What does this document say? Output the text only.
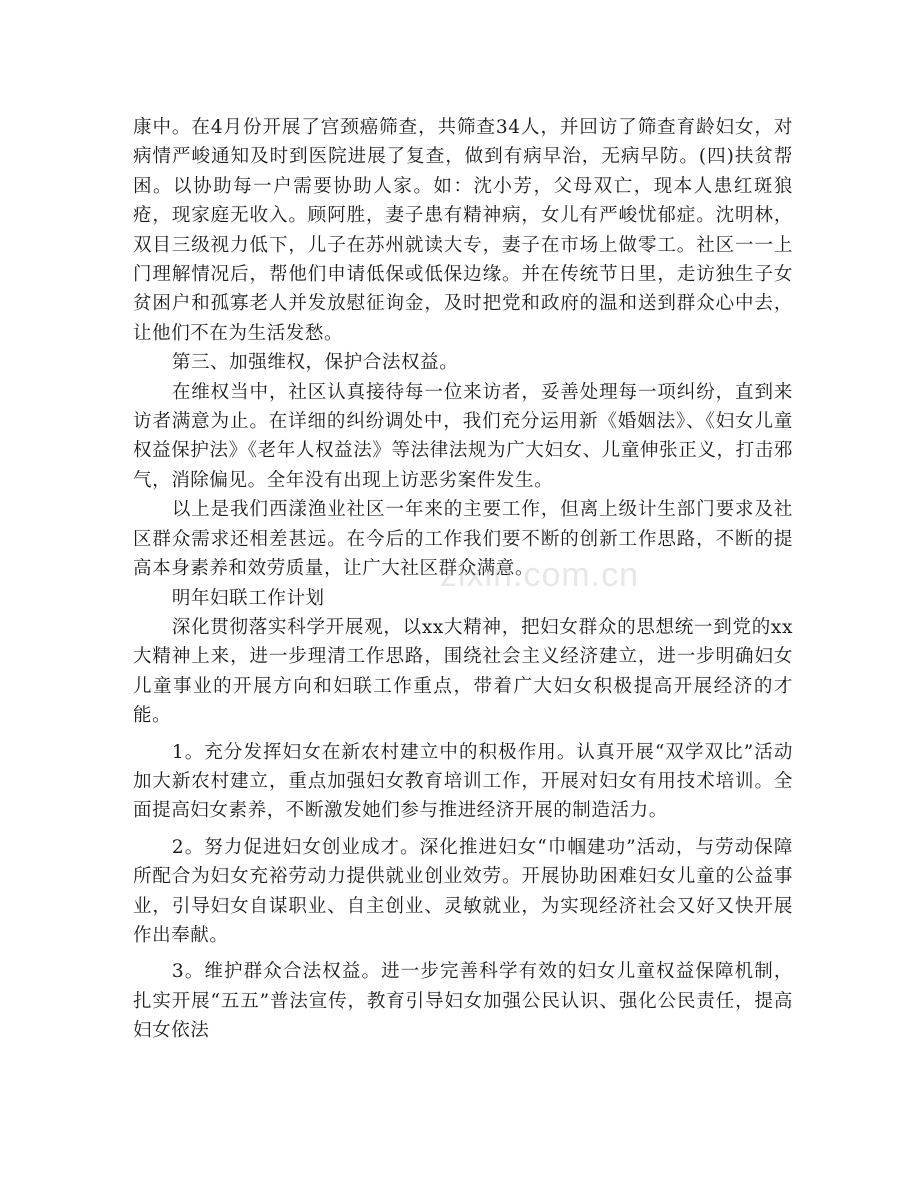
康中。在4月份开展了宫颈癌筛查，共筛查34人，并回访了筛查育龄妇女，对病情严峻通知及时到医院进展了复查，做到有病早治，无病早防。(四)扶贫帮困。以协助每一户需要协助人家。如：沈小芳，父母双亡，现本人患红斑狼疮，现家庭无收入。顾阿胜，妻子患有精神病，女儿有严峻忧郁症。沈明林，双目三级视力低下，儿子在苏州就读大专，妻子在市场上做零工。社区一一上门理解情况后，帮他们申请低保或低保边缘。并在传统节日里，走访独生子女贫困户和孤寡老人并发放慰征询金，及时把党和政府的温和送到群众心中去，让他们不在为生活发愁。

第三、加强维权，保护合法权益。

在维权当中，社区认真接待每一位来访者，妥善处理每一项纠纷，直到来访者满意为止。在详细的纠纷调处中，我们充分运用新《婚姻法》、《妇女儿童权益保护法》《老年人权益法》等法律法规为广大妇女、儿童伸张正义，打击邪气，消除偏见。全年没有出现上访恶劣案件发生。

以上是我们西漾渔业社区一年来的主要工作，但离上级计生部门要求及社区群众需求还相差甚远。在今后的工作我们要不断的创新工作思路，不断的提高本身素养和效劳质量，让广大社区群众满意。

明年妇联工作计划

深化贯彻落实科学开展观，以xx大精神，把妇女群众的思想统一到党的xx大精神上来，进一步理清工作思路，围绕社会主义经济建立，进一步明确妇女儿童事业的开展方向和妇联工作重点，带着广大妇女积极提高开展经济的才能。

1。充分发挥妇女在新农村建立中的积极作用。认真开展“双学双比”活动加大新农村建立，重点加强妇女教育培训工作，开展对妇女有用技术培训。全面提高妇女素养，不断激发她们参与推进经济开展的制造活力。

2。努力促进妇女创业成才。深化推进妇女“巾帼建功”活动，与劳动保障所配合为妇女充裕劳动力提供就业创业效劳。开展协助困难妇女儿童的公益事业，引导妇女自谋职业、自主创业、灵敏就业，为实现经济社会又好又快开展作出奉献。

3。维护群众合法权益。进一步完善科学有效的妇女儿童权益保障机制，扎实开展“五五”普法宣传，教育引导妇女加强公民认识、强化公民责任，提高妇女依法

zixin.com.cn
